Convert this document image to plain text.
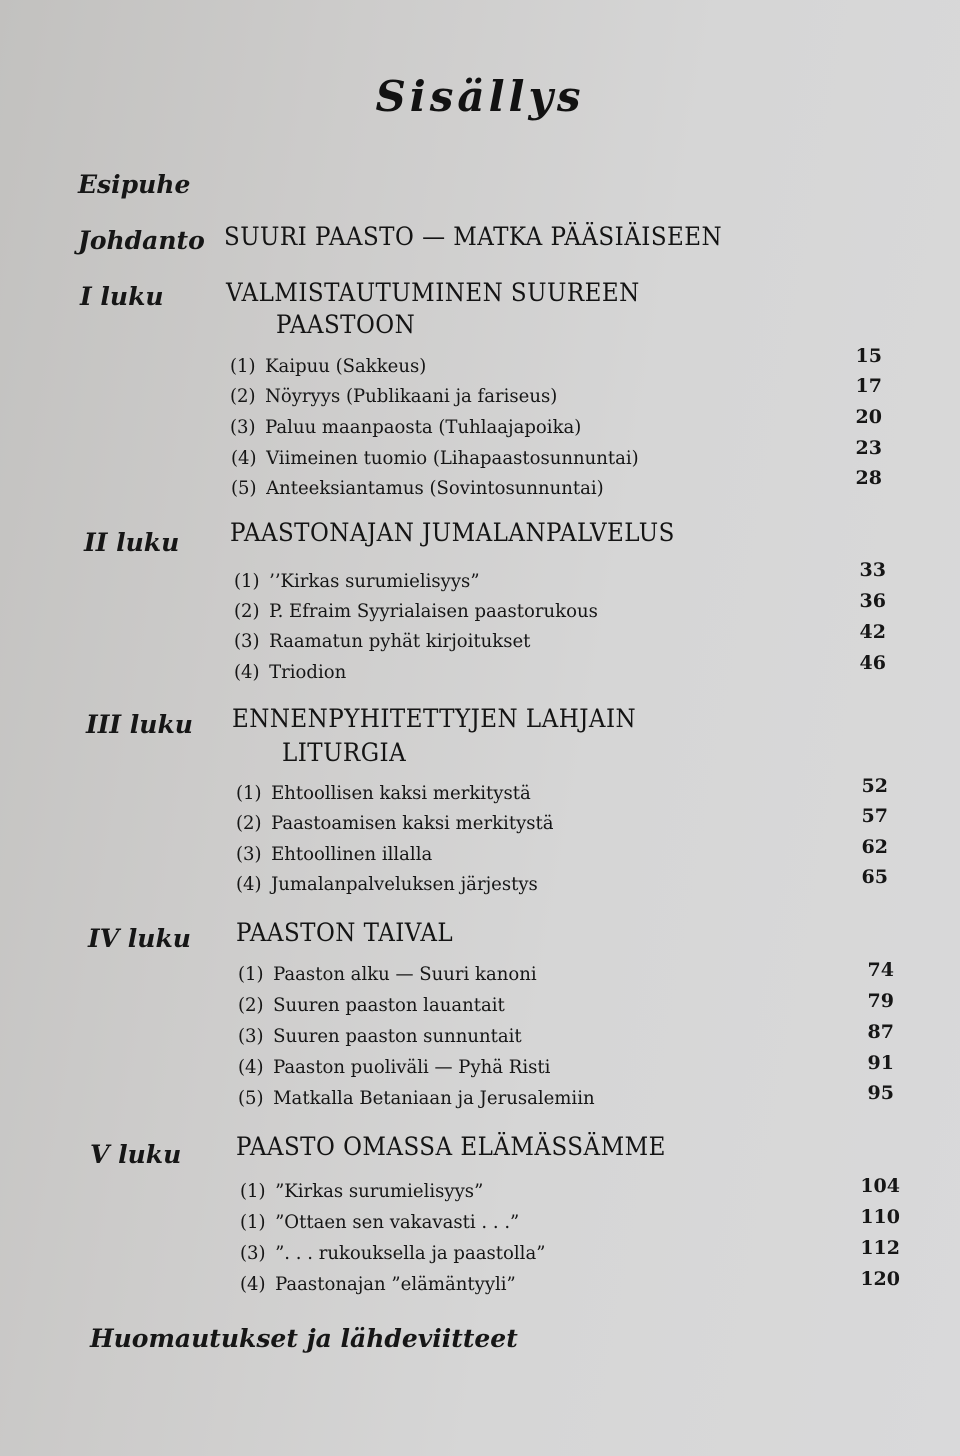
Sisällys
Esipuhe
Johdanto SUURI PAASTO — MATKA PÄÄSIÄISEEN
I luku VALMISTAUTUMINEN SUUREEN
PAASTOON
(1) Kaipuu (Sakkeus)	15
(2) Nöyryys (Publikaani ja fariseus)	17
(3) Paluu maanpaosta (Tuhlaajapoika)	20
(4) Viimeinen tuomio (Lihapaastosunnuntai)	23
(5) Anteeksiantamus (Sovintosunnuntai)	28
II luku PAASTONAJAN JUMALANPALVELUS
(1) ’’Kirkas surumielisyys”	33
(2) P. Efraim Syyrialaisen paastorukous	36
(3) Raamatun pyhät kirjoitukset	42
(4) Triodion	46
III luku ENNENPYHITETTYJEN LAHJAIN
LITURGIA
(1) Ehtoollisen kaksi merkitystä	52
(2) Paastoamisen kaksi merkitystä	57
(3) Ehtoollinen illalla	62
(4) Jumalanpalveluksen järjestys	65
IV luku PAASTON TAIVAL
(1) Paaston alku — Suuri kanoni	74
(2) Suuren paaston lauantait	79
(3) Suuren paaston sunnuntait	87
(4) Paaston puoliväli — Pyhä Risti	91
(5) Matkalla Betaniaan ja Jerusalemiin	95
V luku PAASTO OMASSA ELÄMÄSSÄMME
(1) ”Kirkas surumielisyys”	104
(1) ”Ottaen sen vakavasti . . .”	110
(3) ”. . . rukouksella ja paastolla”	112
(4) Paastonajan ”elämäntyyli”	120
Huomautukset ja lähdeviitteet
